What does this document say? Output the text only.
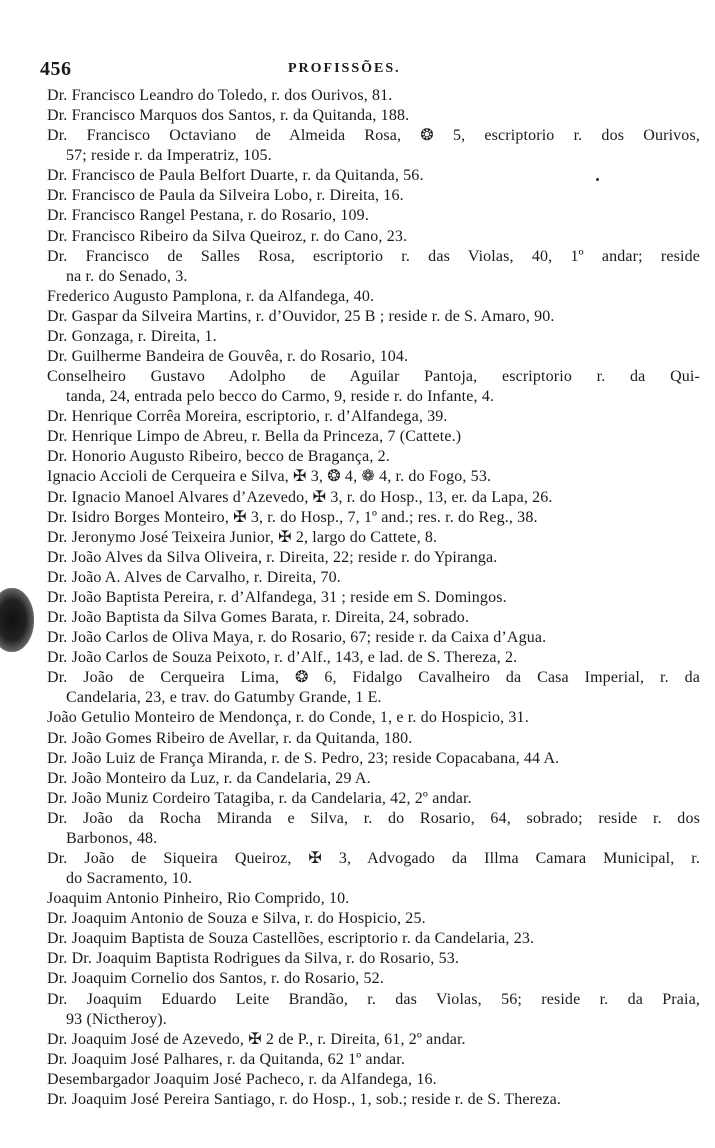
456	PROFISSÕES.
Dr. Francisco Leandro do Toledo, r. dos Ourivos, 81.
Dr. Francisco Marquos dos Santos, r. da Quitanda, 188.
Dr. Francisco Octaviano de Almeida Rosa, ❂ 5, escriptorio r. dos Ourivos,
57; reside r. da Imperatriz, 105.
Dr. Francisco de Paula Belfort Duarte, r. da Quitanda, 56.
Dr. Francisco de Paula da Silveira Lobo, r. Direita, 16.
Dr. Francisco Rangel Pestana, r. do Rosario, 109.
Dr. Francisco Ribeiro da Silva Queiroz, r. do Cano, 23.
Dr. Francisco de Salles Rosa, escriptorio r. das Violas, 40, 1º andar; reside
na r. do Senado, 3.
Frederico Augusto Pamplona, r. da Alfandega, 40.
Dr. Gaspar da Silveira Martins, r. d’Ouvidor, 25 B ; reside r. de S. Amaro, 90.
Dr. Gonzaga, r. Direita, 1.
Dr. Guilherme Bandeira de Gouvêa, r. do Rosario, 104.
Conselheiro Gustavo Adolpho de Aguilar Pantoja, escriptorio r. da Qui-
tanda, 24, entrada pelo becco do Carmo, 9, reside r. do Infante, 4.
Dr. Henrique Corrêa Moreira, escriptorio, r. d’Alfandega, 39.
Dr. Henrique Limpo de Abreu, r. Bella da Princeza, 7 (Cattete.)
Dr. Honorio Augusto Ribeiro, becco de Bragança, 2.
Ignacio Accioli de Cerqueira e Silva, ✠ 3, ❂ 4, ❁ 4, r. do Fogo, 53.
Dr. Ignacio Manoel Alvares d’Azevedo, ✠ 3, r. do Hosp., 13, er. da Lapa, 26.
Dr. Isidro Borges Monteiro, ✠ 3, r. do Hosp., 7, 1º and.; res. r. do Reg., 38.
Dr. Jeronymo José Teixeira Junior, ✠ 2, largo do Cattete, 8.
Dr. João Alves da Silva Oliveira, r. Direita, 22; reside r. do Ypiranga.
Dr. João A. Alves de Carvalho, r. Direita, 70.
Dr. João Baptista Pereira, r. d’Alfandega, 31 ; reside em S. Domingos.
Dr. João Baptista da Silva Gomes Barata, r. Direita, 24, sobrado.
Dr. João Carlos de Oliva Maya, r. do Rosario, 67; reside r. da Caixa d’Agua.
Dr. João Carlos de Souza Peixoto, r. d’Alf., 143, e lad. de S. Thereza, 2.
Dr. João de Cerqueira Lima, ❂ 6, Fidalgo Cavalheiro da Casa Imperial, r. da
Candelaria, 23, e trav. do Gatumby Grande, 1 E.
João Getulio Monteiro de Mendonça, r. do Conde, 1, e r. do Hospicio, 31.
Dr. João Gomes Ribeiro de Avellar, r. da Quitanda, 180.
Dr. João Luiz de França Miranda, r. de S. Pedro, 23; reside Copacabana, 44 A.
Dr. João Monteiro da Luz, r. da Candelaria, 29 A.
Dr. João Muniz Cordeiro Tatagiba, r. da Candelaria, 42, 2º andar.
Dr. João da Rocha Miranda e Silva, r. do Rosario, 64, sobrado; reside r. dos
Barbonos, 48.
Dr. João de Siqueira Queiroz, ✠ 3, Advogado da Illma Camara Municipal, r.
do Sacramento, 10.
Joaquim Antonio Pinheiro, Rio Comprido, 10.
Dr. Joaquim Antonio de Souza e Silva, r. do Hospicio, 25.
Dr. Joaquim Baptista de Souza Castellões, escriptorio r. da Candelaria, 23.
Dr. Dr. Joaquim Baptista Rodrigues da Silva, r. do Rosario, 53.
Dr. Joaquim Cornelio dos Santos, r. do Rosario, 52.
Dr. Joaquim Eduardo Leite Brandão, r. das Violas, 56; reside r. da Praia,
93 (Nictheroy).
Dr. Joaquim José de Azevedo, ✠ 2 de P., r. Direita, 61, 2º andar.
Dr. Joaquim José Palhares, r. da Quitanda, 62 1º andar.
Desembargador Joaquim José Pacheco, r. da Alfandega, 16.
Dr. Joaquim José Pereira Santiago, r. do Hosp., 1, sob.; reside r. de S. Thereza.
